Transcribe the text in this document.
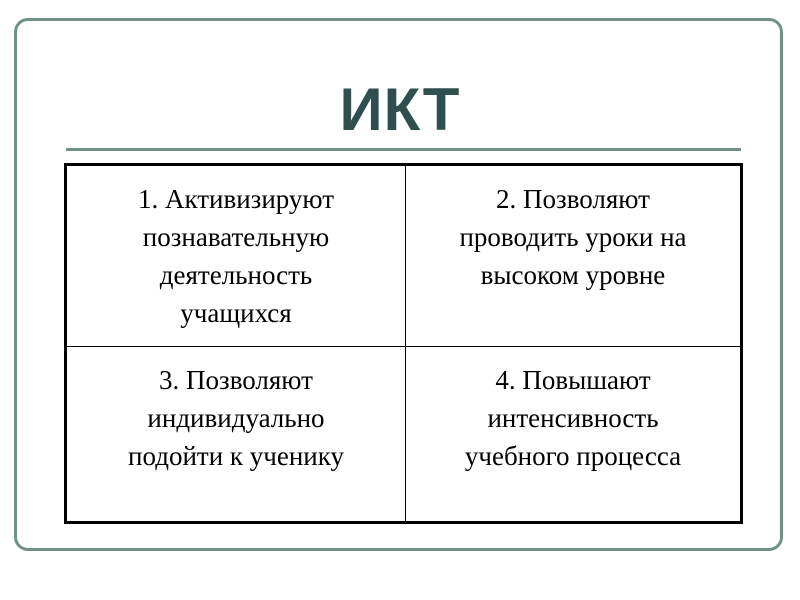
ИКТ
1. Активизируют
познавательную
деятельность
учащихся
2. Позволяют
проводить уроки на
высоком уровне
3. Позволяют
индивидуально
подойти к ученику
4. Повышают
интенсивность
учебного процесса
